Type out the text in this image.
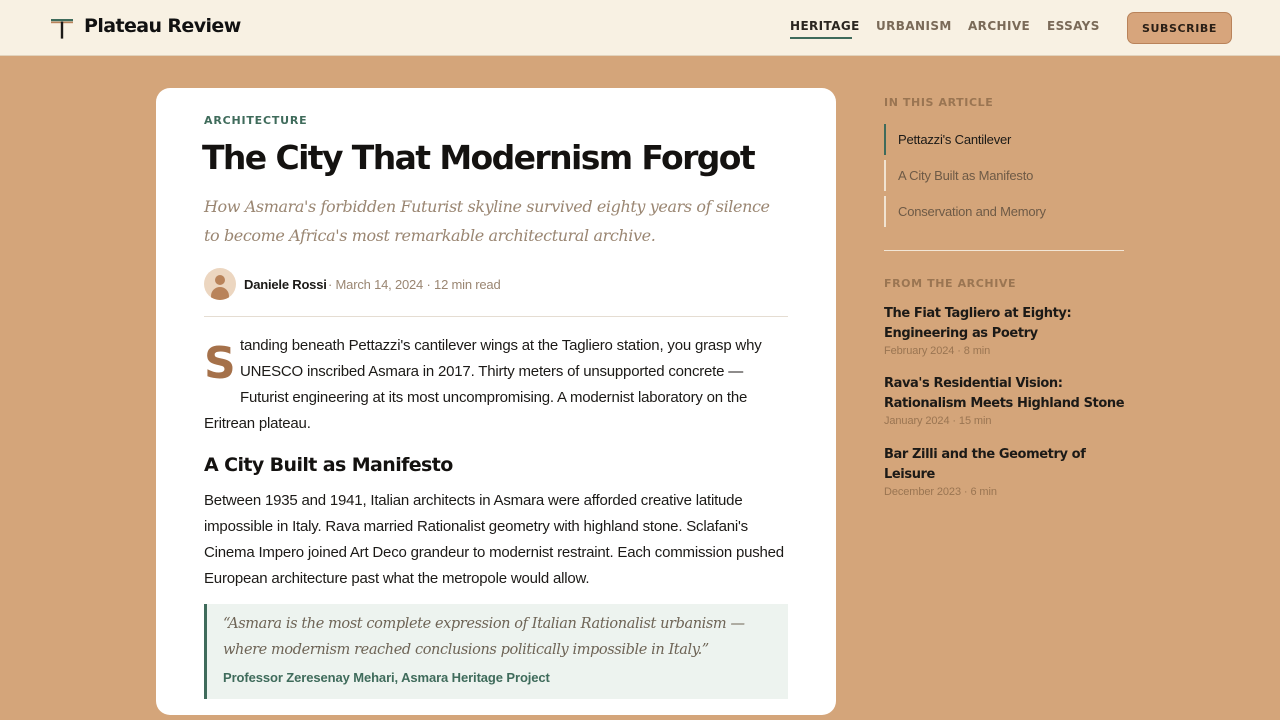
Plateau Review	HERITAGE URBANISM ARCHIVE ESSAYS	SUBSCRIBE
ARCHITECTURE
The City That Modernism Forgot

How Asmara's forbidden Futurist skyline survived eighty years of silence to become Africa's most remarkable architectural archive.

Daniele Rossi · March 14, 2024 · 12 min read
S tanding beneath Pettazzi's cantilever wings at the Tagliero station, you grasp why UNESCO inscribed Asmara in 2017. Thirty meters of unsupported concrete — Futurist engineering at its most uncompromising. A modernist laboratory on the Eritrean plateau.

A City Built as Manifesto

Between 1935 and 1941, Italian architects in Asmara were afforded creative latitude impossible in Italy. Rava married Rationalist geometry with highland stone. Sclafani's Cinema Impero joined Art Deco grandeur to modernist restraint. Each commission pushed European architecture past what the metropole would allow.

“Asmara is the most complete expression of Italian Rationalist urbanism — where modernism reached conclusions politically impossible in Italy.”
Professor Zeresenay Mehari, Asmara Heritage Project
IN THIS ARTICLE
Pettazzi's Cantilever
A City Built as Manifesto
Conservation and Memory
FROM THE ARCHIVE
The Fiat Tagliero at Eighty: Engineering as Poetry
February 2024 · 8 min
Rava's Residential Vision: Rationalism Meets Highland Stone
January 2024 · 15 min
Bar Zilli and the Geometry of Leisure
December 2023 · 6 min
